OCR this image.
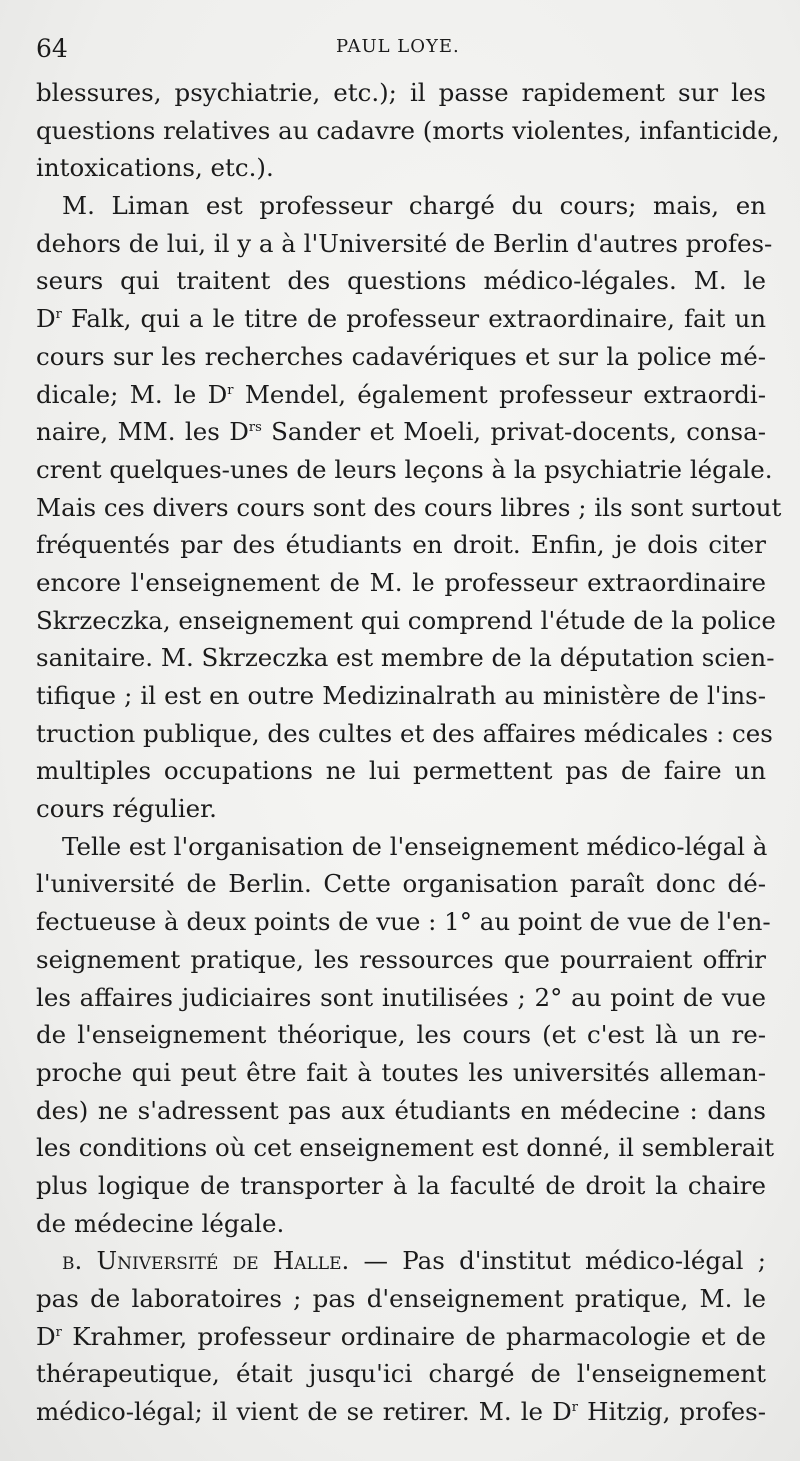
64	PAUL LOYE.
blessures, psychiatrie, etc.); il passe rapidement sur les
questions relatives au cadavre (morts violentes, infanticide,
intoxications, etc.).
M. Liman est professeur chargé du cours; mais, en
dehors de lui, il y a à l'Université de Berlin d'autres profes-
seurs qui traitent des questions médico-légales. M. le
$D^r$ Falk, qui a le titre de professeur extraordinaire, fait un
cours sur les recherches cadavériques et sur la police mé-
dicale; M. le $D^r$ Mendel, également professeur extraordi-
naire, MM. les $D^{rs}$ Sander et Moeli, privat-docents, consa-
crent quelques-unes de leurs leçons à la psychiatrie légale.
Mais ces divers cours sont des cours libres ; ils sont surtout
fréquentés par des étudiants en droit. Enfin, je dois citer
encore l'enseignement de M. le professeur extraordinaire
Skrzeczka, enseignement qui comprend l'étude de la police
sanitaire. M. Skrzeczka est membre de la députation scien-
tifique ; il est en outre Medizinalrath au ministère de l'ins-
truction publique, des cultes et des affaires médicales : ces
multiples occupations ne lui permettent pas de faire un
cours régulier.
Telle est l'organisation de l'enseignement médico-légal à
l'université de Berlin. Cette organisation paraît donc dé-
fectueuse à deux points de vue : 1° au point de vue de l'en-
seignement pratique, les ressources que pourraient offrir
les affaires judiciaires sont inutilisées ; 2° au point de vue
de l'enseignement théorique, les cours (et c'est là un re-
proche qui peut être fait à toutes les universités alleman-
des) ne s'adressent pas aux étudiants en médecine : dans
les conditions où cet enseignement est donné, il semblerait
plus logique de transporter à la faculté de droit la chaire
de médecine légale.
b. Université de Halle. — Pas d'institut médico-légal ;
pas de laboratoires ; pas d'enseignement pratique, M. le
$D^r$ Krahmer, professeur ordinaire de pharmacologie et de
thérapeutique, était jusqu'ici chargé de l'enseignement
médico-légal; il vient de se retirer. M. le $D^r$ Hitzig, profes-
